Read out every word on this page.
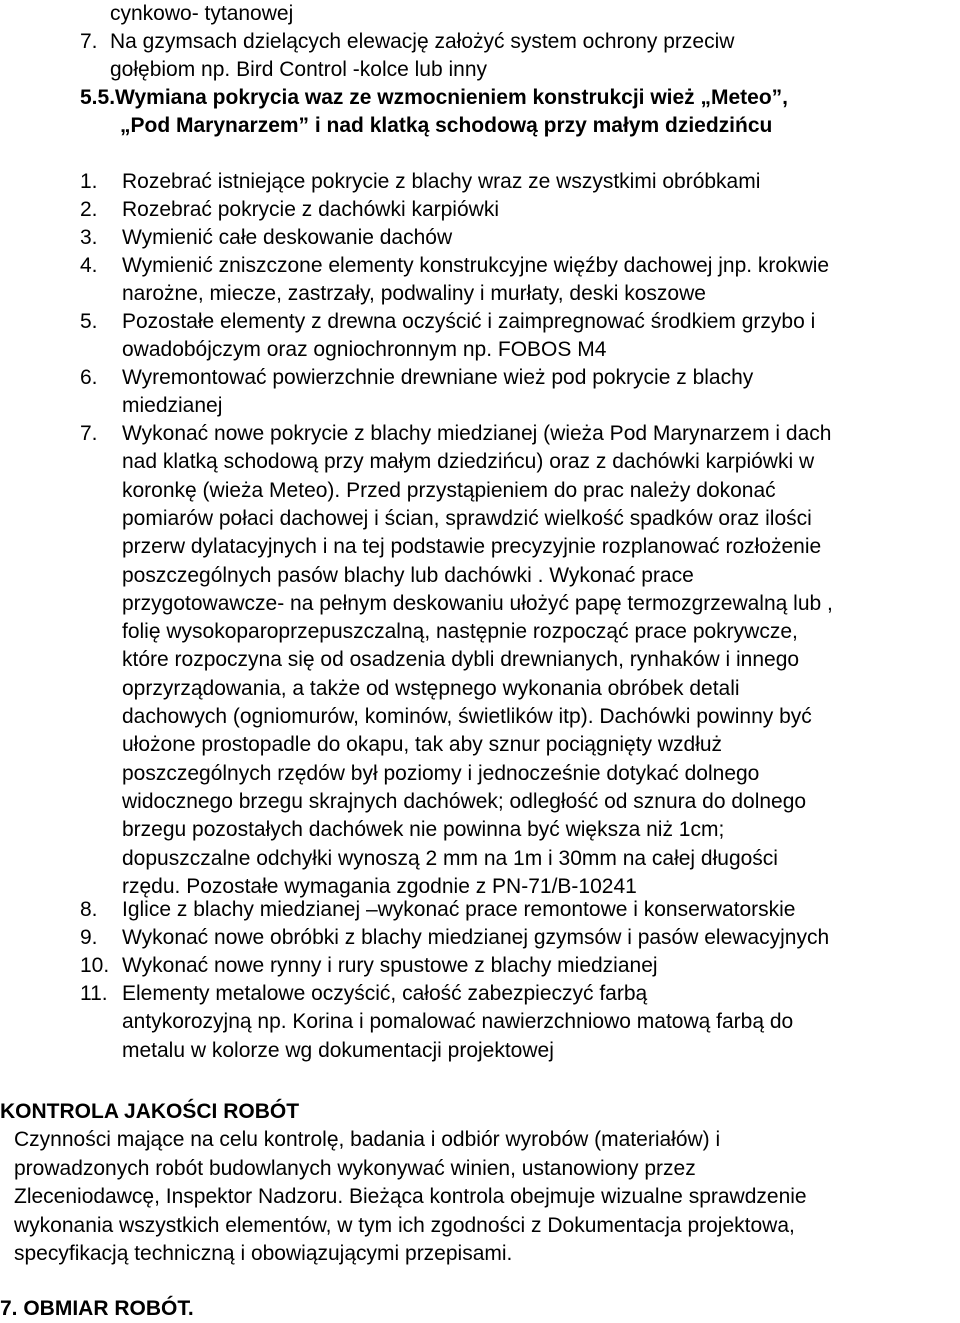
cynkowo- tytanowej
7. Na gzymsach dzielących elewację założyć system ochrony przeciw
gołębiom np. Bird Control -kolce lub inny
5.5.Wymiana pokrycia waz ze wzmocnieniem konstrukcji wież „Meteo”,
„Pod Marynarzem” i nad klatką schodową przy małym dziedzińcu
1. Rozebrać istniejące pokrycie z blachy wraz ze wszystkimi obróbkami
2. Rozebrać pokrycie z dachówki karpiówki
3. Wymienić całe deskowanie dachów
4. Wymienić zniszczone elementy konstrukcyjne więźby dachowej jnp. krokwie
narożne, miecze, zastrzały, podwaliny i murłaty, deski koszowe
5. Pozostałe elementy z drewna oczyścić i zaimpregnować środkiem grzybo i
owadobójczym oraz ogniochronnym np. FOBOS M4
6. Wyremontować powierzchnie drewniane wież pod pokrycie z blachy
miedzianej
7. Wykonać nowe pokrycie z blachy miedzianej (wieża Pod Marynarzem i dach
nad klatką schodową przy małym dziedzińcu) oraz z dachówki karpiówki w
koronkę (wieża Meteo). Przed przystąpieniem do prac należy dokonać
pomiarów połaci dachowej i ścian, sprawdzić wielkość spadków oraz ilości
przerw dylatacyjnych i na tej podstawie precyzyjnie rozplanować rozłożenie
poszczególnych pasów blachy lub dachówki . Wykonać prace
przygotowawcze- na pełnym deskowaniu ułożyć papę termozgrzewalną lub ,
folię wysokoparoprzepuszczalną, następnie rozpocząć prace pokrywcze,
które rozpoczyna się od osadzenia dybli drewnianych, rynhaków i innego
oprzyrządowania, a także od wstępnego wykonania obróbek detali
dachowych (ogniomurów, kominów, świetlików itp). Dachówki powinny być
ułożone prostopadle do okapu, tak aby sznur pociągnięty wzdłuż
poszczególnych rzędów był poziomy i jednocześnie dotykać dolnego
widocznego brzegu skrajnych dachówek; odległość od sznura do dolnego
brzegu pozostałych dachówek nie powinna być większa niż 1cm;
dopuszczalne odchyłki wynoszą 2 mm na 1m i 30mm na całej długości
rzędu. Pozostałe wymagania zgodnie z PN-71/B-10241
8. Iglice z blachy miedzianej –wykonać prace remontowe i konserwatorskie
9. Wykonać nowe obróbki z blachy miedzianej gzymsów i pasów elewacyjnych
10. Wykonać nowe rynny i rury spustowe z blachy miedzianej
11. Elementy metalowe oczyścić, całość zabezpieczyć farbą
antykorozyjną np. Korina i pomalować nawierzchniowo matową farbą do
metalu w kolorze wg dokumentacji projektowej
KONTROLA JAKOŚCI ROBÓT
Czynności mające na celu kontrolę, badania i odbiór wyrobów (materiałów) i
prowadzonych robót budowlanych wykonywać winien, ustanowiony przez
Zleceniodawcę, Inspektor Nadzoru. Bieżąca kontrola obejmuje wizualne sprawdzenie
wykonania wszystkich elementów, w tym ich zgodności z Dokumentacja projektowa,
specyfikacją techniczną i obowiązującymi przepisami.
7. OBMIAR ROBÓT.
